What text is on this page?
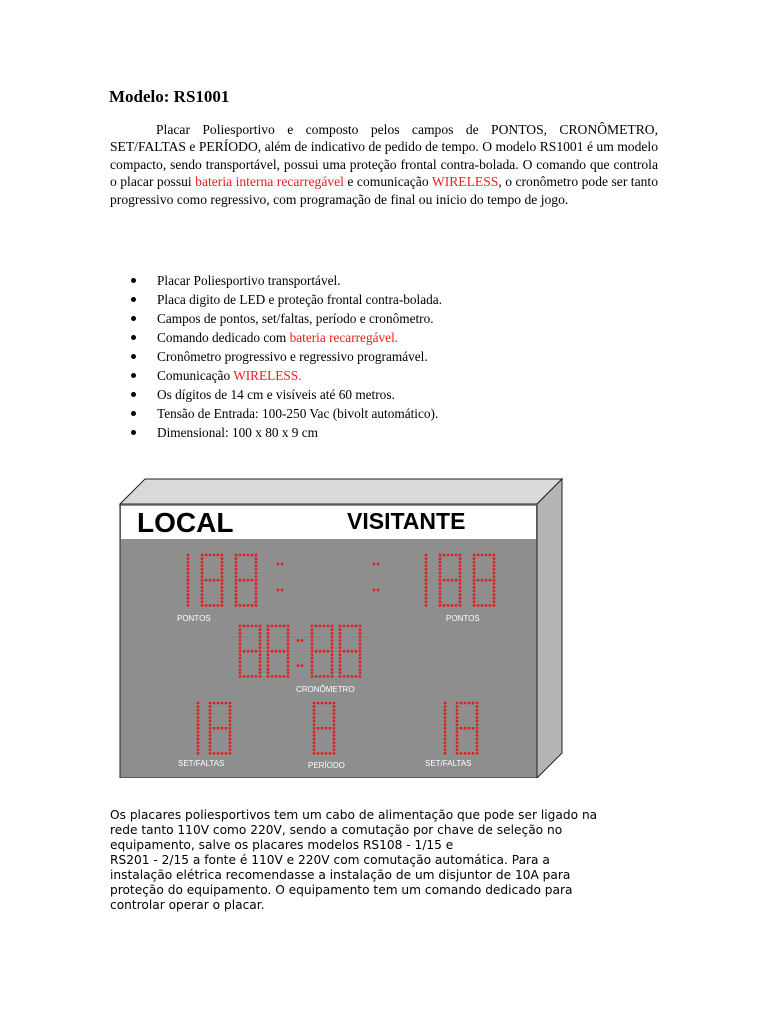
Modelo: RS1001

Placar Poliesportivo e composto pelos campos de PONTOS, CRONÔMETRO, SET/FALTAS e PERÍODO, além de indicativo de pedido de tempo. O modelo RS1001 é um modelo compacto, sendo transportável, possui uma proteção frontal contra-bolada. O comando que controla o placar possui bateria interna recarregável e comunicação WIRELESS, o cronômetro pode ser tanto progressivo como regressivo, com programação de final ou inicio do tempo de jogo.

Placar Poliesportivo transportável.
Placa digito de LED e proteção frontal contra-bolada.
Campos de pontos, set/faltas, período e cronômetro.
Comando dedicado com bateria recarregável.
Cronômetro progressivo e regressivo programável.
Comunicação WIRELESS.
Os dígitos de 14 cm e visíveis até 60 metros.
Tensão de Entrada: 100-250 Vac (bivolt automático).
Dimensional: 100 x 80 x 9 cm
LOCAL	VISITANTE
PONTOS	PONTOS
CRONÔMETRO
SET/FALTAS	PERÍODO	SET/FALTAS
Os placares poliesportivos tem um cabo de alimentação que pode ser ligado na
rede tanto 110V como 220V, sendo a comutação por chave de seleção no
equipamento, salve os placares modelos RS108 - 1/15 e
RS201 - 2/15 a fonte é 110V e 220V com comutação automática. Para a
instalação elétrica recomendasse a instalação de um disjuntor de 10A para
proteção do equipamento. O equipamento tem um comando dedicado para
controlar operar o placar.
